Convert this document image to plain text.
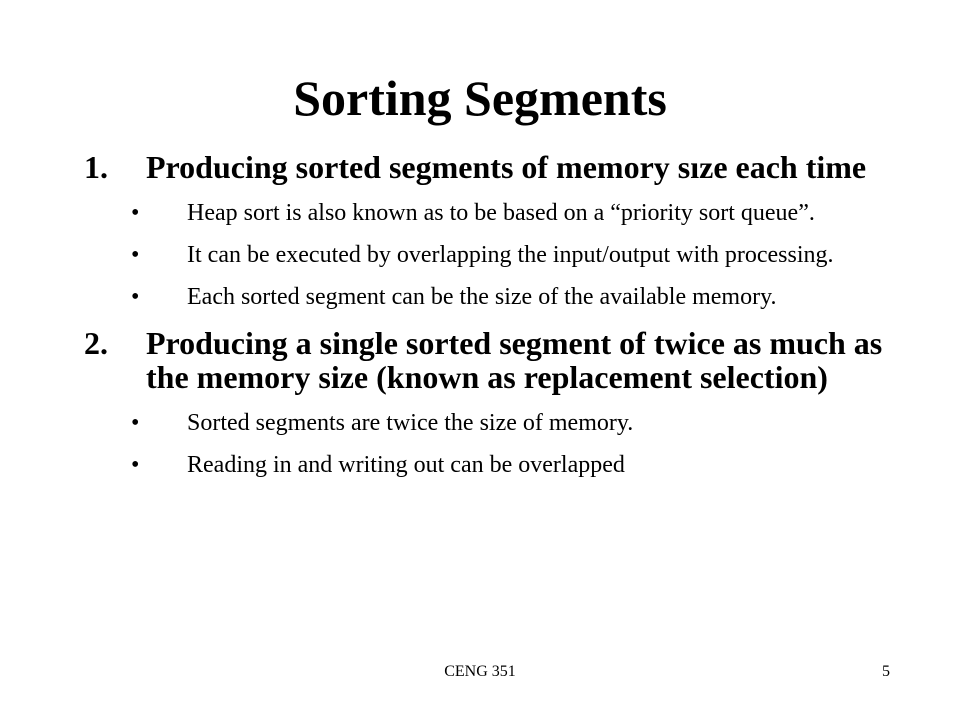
Sorting Segments
1. Producing sorted segments of memory sıze each time
• Heap sort is also known as to be based on a “priority sort queue”.
• It can be executed by overlapping the input/output with processing.
• Each sorted segment can be the size of the available memory.
2. Producing a single sorted segment of twice as much as the memory size (known as replacement selection)
• Sorted segments are twice the size of memory.
• Reading in and writing out can be overlapped
CENG 351	5
